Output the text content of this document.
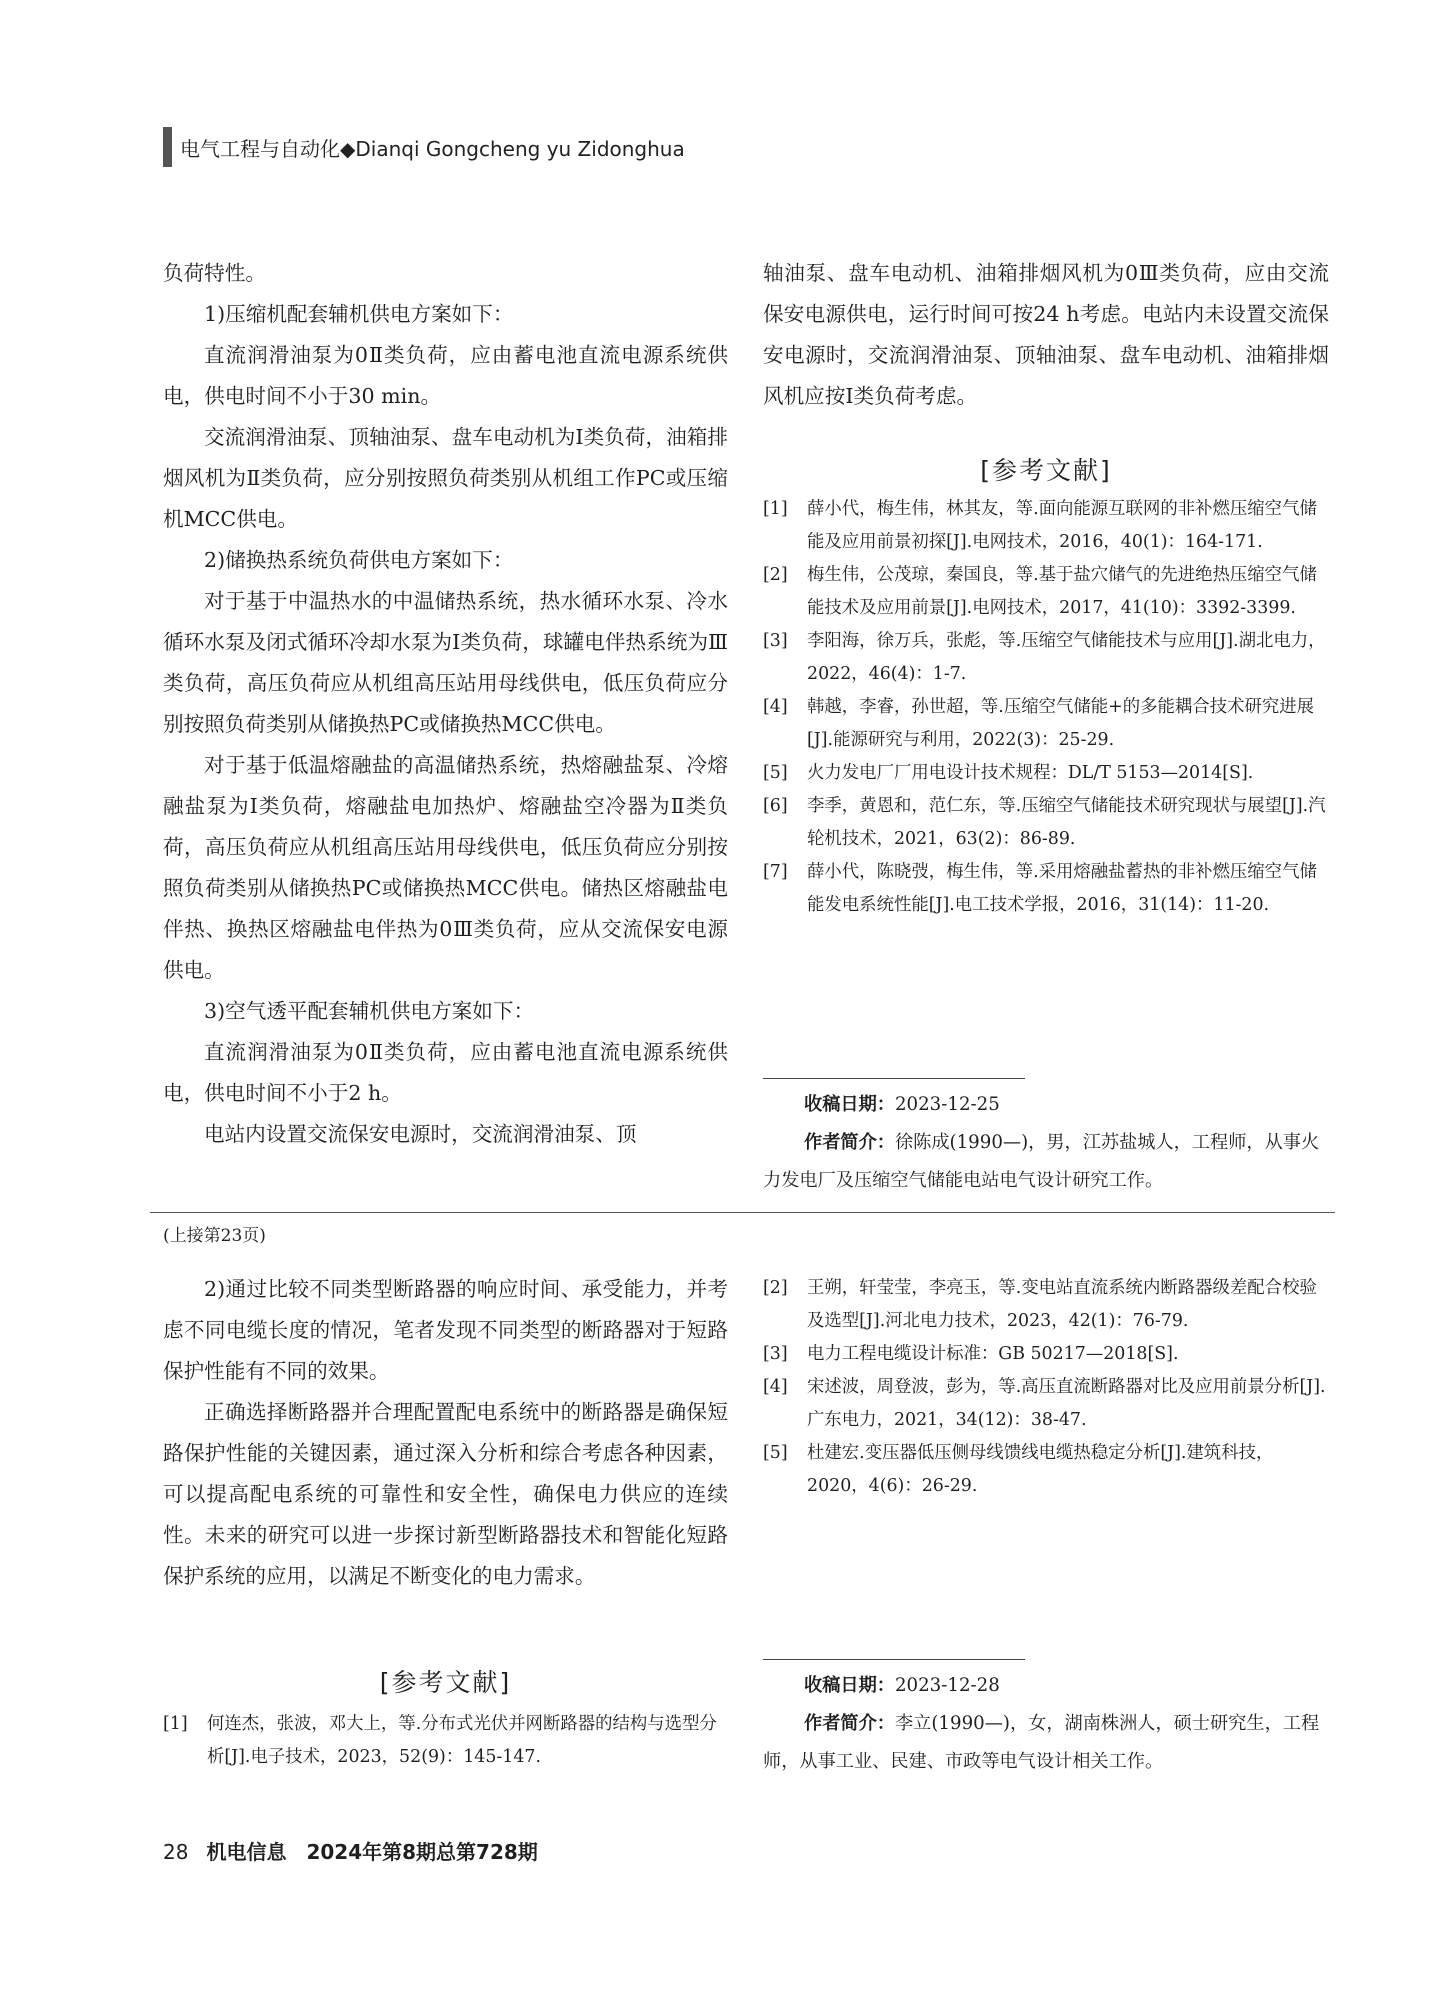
电气工程与自动化◆Dianqi Gongcheng yu Zidonghua

负荷特性。

1)压缩机配套辅机供电方案如下：

直流润滑油泵为0Ⅱ类负荷，应由蓄电池直流电源系统供电，供电时间不小于30 min。

交流润滑油泵、顶轴油泵、盘车电动机为Ⅰ类负荷，油箱排烟风机为Ⅱ类负荷，应分别按照负荷类别从机组工作PC或压缩机MCC供电。

2)储换热系统负荷供电方案如下：

对于基于中温热水的中温储热系统，热水循环水泵、冷水循环水泵及闭式循环冷却水泵为Ⅰ类负荷，球罐电伴热系统为Ⅲ类负荷，高压负荷应从机组高压站用母线供电，低压负荷应分别按照负荷类别从储换热PC或储换热MCC供电。

对于基于低温熔融盐的高温储热系统，热熔融盐泵、冷熔融盐泵为Ⅰ类负荷，熔融盐电加热炉、熔融盐空冷器为Ⅱ类负荷，高压负荷应从机组高压站用母线供电，低压负荷应分别按照负荷类别从储换热PC或储换热MCC供电。储热区熔融盐电伴热、换热区熔融盐电伴热为0Ⅲ类负荷，应从交流保安电源供电。

3)空气透平配套辅机供电方案如下：

直流润滑油泵为0Ⅱ类负荷，应由蓄电池直流电源系统供电，供电时间不小于2 h。

电站内设置交流保安电源时，交流润滑油泵、顶

轴油泵、盘车电动机、油箱排烟风机为0Ⅲ类负荷，应由交流保安电源供电，运行时间可按24 h考虑。电站内未设置交流保安电源时，交流润滑油泵、顶轴油泵、盘车电动机、油箱排烟风机应按Ⅰ类负荷考虑。

[参考文献]

[1]	薛小代，梅生伟，林其友，等.面向能源互联网的非补燃压缩空气储能及应用前景初探[J].电网技术，2016，40(1)：164-171.
[2]	梅生伟，公茂琼，秦国良，等.基于盐穴储气的先进绝热压缩空气储能技术及应用前景[J].电网技术，2017，41(10)：3392-3399.
[3]	李阳海，徐万兵，张彪，等.压缩空气储能技术与应用[J].湖北电力，2022，46(4)：1-7.
[4]	韩越，李睿，孙世超，等.压缩空气储能+的多能耦合技术研究进展[J].能源研究与利用，2022(3)：25-29.
[5]	火力发电厂厂用电设计技术规程：DL/T 5153—2014[S].
[6]	李季，黄恩和，范仁东，等.压缩空气储能技术研究现状与展望[J].汽轮机技术，2021，63(2)：86-89.
[7]	薛小代，陈晓弢，梅生伟，等.采用熔融盐蓄热的非补燃压缩空气储能发电系统性能[J].电工技术学报，2016，31(14)：11-20.

收稿日期：2023-12-25

作者简介：徐陈成(1990—)，男，江苏盐城人，工程师，从事火力发电厂及压缩空气储能电站电气设计研究工作。

(上接第23页)

2)通过比较不同类型断路器的响应时间、承受能力，并考虑不同电缆长度的情况，笔者发现不同类型的断路器对于短路保护性能有不同的效果。

正确选择断路器并合理配置配电系统中的断路器是确保短路保护性能的关键因素，通过深入分析和综合考虑各种因素，可以提高配电系统的可靠性和安全性，确保电力供应的连续性。未来的研究可以进一步探讨新型断路器技术和智能化短路保护系统的应用，以满足不断变化的电力需求。

[参考文献]

[1]	何连杰，张波，邓大上，等.分布式光伏并网断路器的结构与选型分析[J].电子技术，2023，52(9)：145-147.
[2]	王朔，轩莹莹，李亮玉，等.变电站直流系统内断路器级差配合校验及选型[J].河北电力技术，2023，42(1)：76-79.
[3]	电力工程电缆设计标准：GB 50217—2018[S].
[4]	宋述波，周登波，彭为，等.高压直流断路器对比及应用前景分析[J].广东电力，2021，34(12)：38-47.
[5]	杜建宏.变压器低压侧母线馈线电缆热稳定分析[J].建筑科技，2020，4(6)：26-29.

收稿日期：2023-12-28

作者简介：李立(1990—)，女，湖南株洲人，硕士研究生，工程师，从事工业、民建、市政等电气设计相关工作。

28 机电信息　2024年第8期总第728期
